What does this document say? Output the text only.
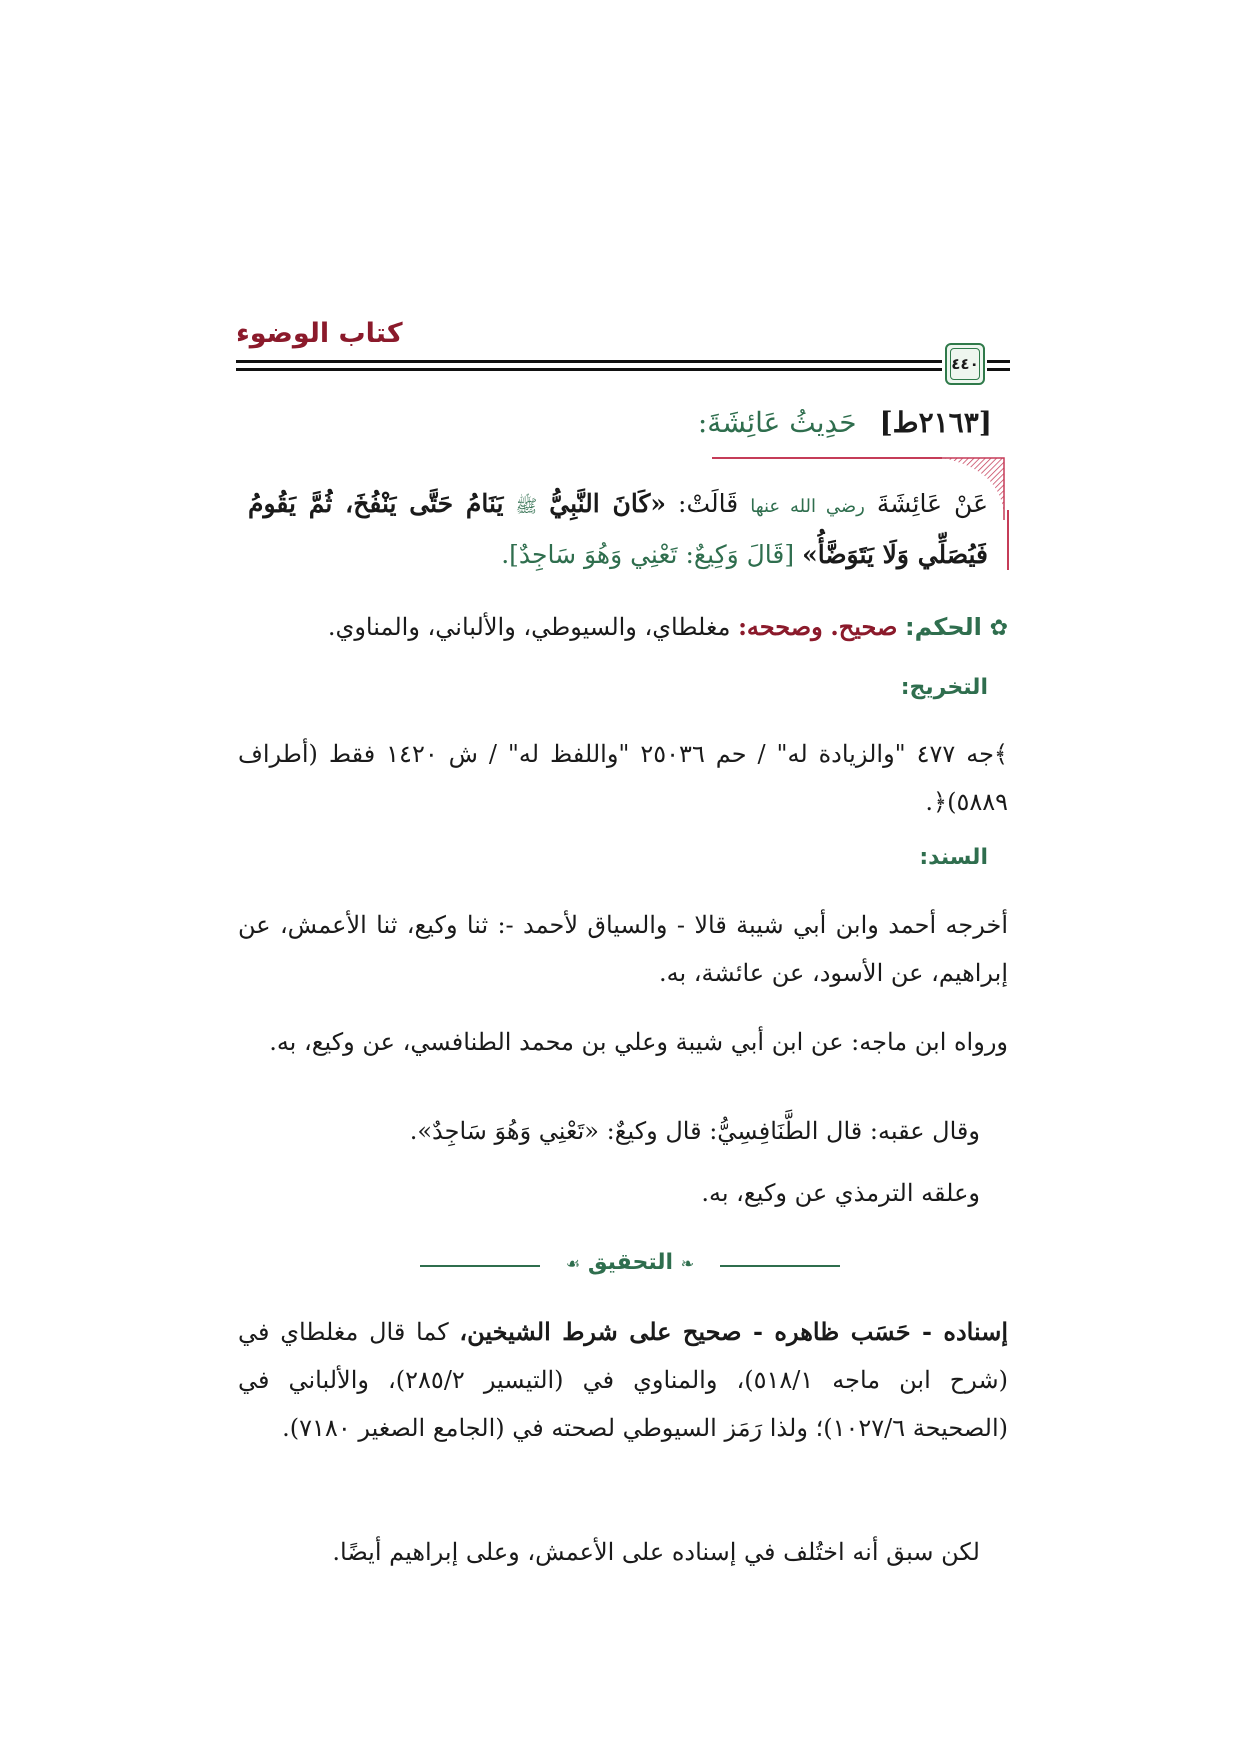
كتاب الوضوء
٤٤٠
[٢١٦٣ط] حَدِيثُ عَائِشَةَ:
عَنْ عَائِشَةَ رضي الله عنها قَالَتْ: «كَانَ النَّبِيُّ ﷺ يَنَامُ حَتَّى يَنْفُخَ، ثُمَّ يَقُومُ فَيُصَلِّي وَلَا يَتَوَضَّأُ» [قَالَ وَكِيعٌ: تَعْنِي وَهُوَ سَاجِدٌ].
✿ الحكم: صحيح. وصححه: مغلطاي، والسيوطي، والألباني، والمناوي.
التخريج:
﴾جه ٤٧٧ "والزيادة له" / حم ٢٥٠٣٦ "واللفظ له" / ش ١٤٢٠ فقط (أطراف ٥٨٨٩)﴿.
السند:
أخرجه أحمد وابن أبي شيبة قالا - والسياق لأحمد -: ثنا وكيع، ثنا الأعمش، عن إبراهيم، عن الأسود، عن عائشة، به.
ورواه ابن ماجه: عن ابن أبي شيبة وعلي بن محمد الطنافسي، عن وكيع، به.
وقال عقبه: قال الطَّنَافِسِيُّ: قال وكيعٌ: «تَعْنِي وَهُوَ سَاجِدٌ».
وعلقه الترمذي عن وكيع، به.
❧ التحقيق ☙
إسناده - حَسَب ظاهره - صحيح على شرط الشيخين، كما قال مغلطاي في (شرح ابن ماجه ٥١٨/١)، والمناوي في (التيسير ٢٨٥/٢)، والألباني في (الصحيحة ١٠٢٧/٦)؛ ولذا رَمَز السيوطي لصحته في (الجامع الصغير ٧١٨٠).
لكن سبق أنه اختُلف في إسناده على الأعمش، وعلى إبراهيم أيضًا.
